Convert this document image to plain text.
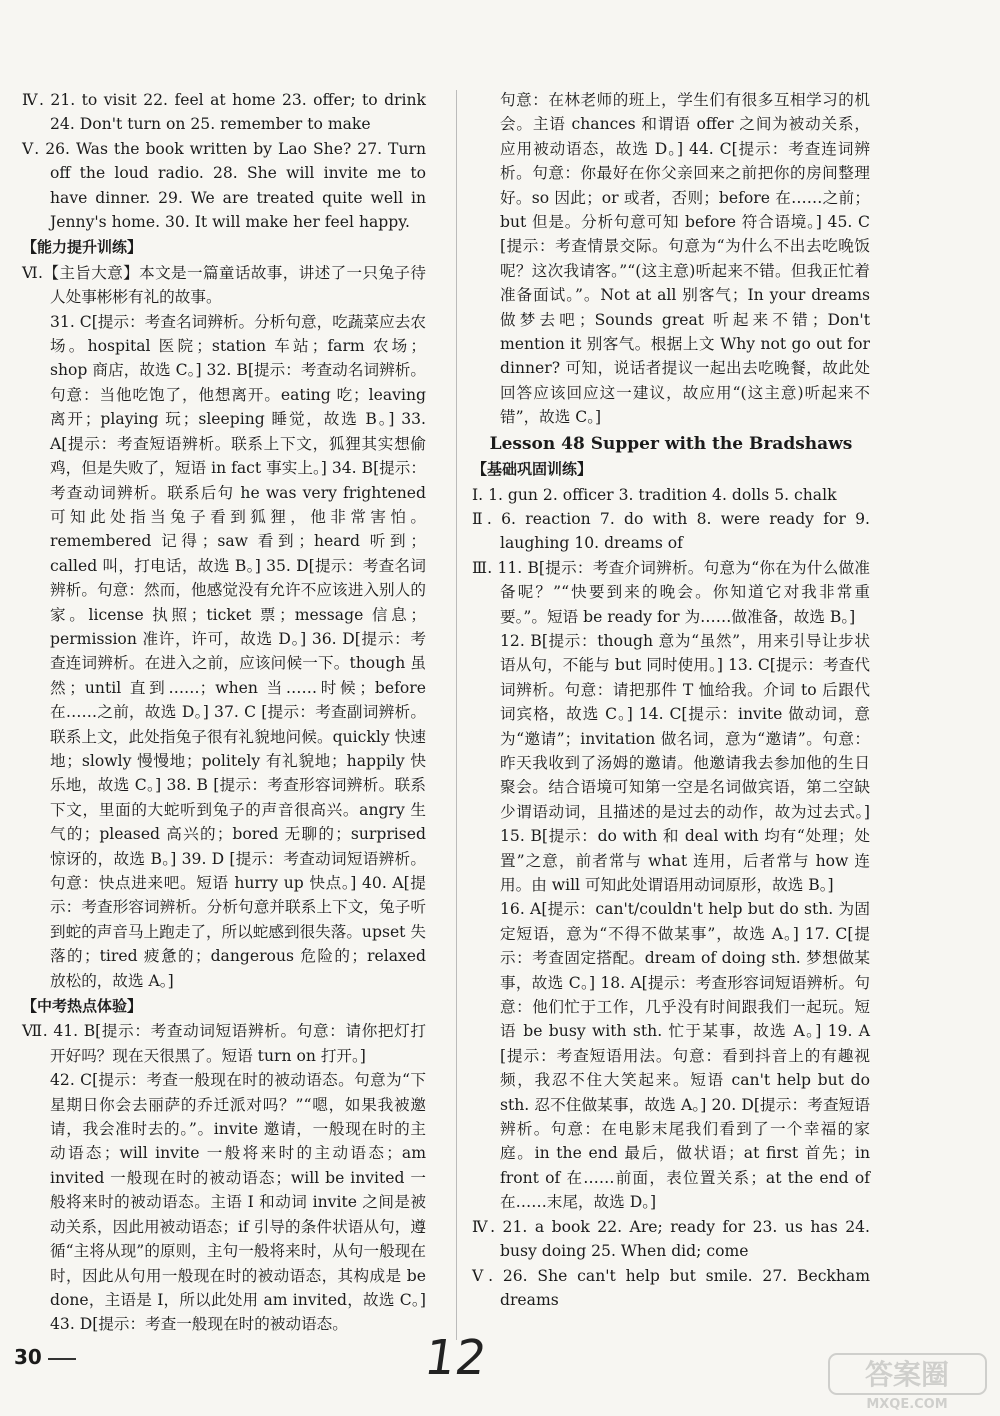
Ⅳ. 21. to visit 22. feel at home 23. offer; to drink 24. Don't turn on 25. remember to make

Ⅴ. 26. Was the book written by Lao She? 27. Turn off the loud radio. 28. She will invite me to have dinner. 29. We are treated quite well in Jenny's home. 30. It will make her feel happy.

【能力提升训练】

Ⅵ.【主旨大意】本文是一篇童话故事，讲述了一只兔子待人处事彬彬有礼的故事。

31. C[提示：考查名词辨析。分析句意，吃蔬菜应去农场。hospital 医院；station 车站；farm 农场；shop 商店，故选 C。] 32. B[提示：考查动名词辨析。句意：当他吃饱了，他想离开。eating 吃；leaving 离开；playing 玩；sleeping 睡觉，故选 B。] 33. A[提示：考查短语辨析。联系上下文，狐狸其实想偷鸡，但是失败了，短语 in fact 事实上。] 34. B[提示：考查动词辨析。联系后句 he was very frightened 可知此处指当兔子看到狐狸，他非常害怕。remembered 记得；saw 看到；heard 听到；called 叫，打电话，故选 B。] 35. D[提示：考查名词辨析。句意：然而，他感觉没有允许不应该进入别人的家。license 执照；ticket 票；message 信息；permission 准许，许可，故选 D。] 36. D[提示：考查连词辨析。在进入之前，应该问候一下。though 虽然；until 直到……；when 当……时候；before 在……之前，故选 D。] 37. C [提示：考查副词辨析。联系上文，此处指兔子很有礼貌地问候。quickly 快速地；slowly 慢慢地；politely 有礼貌地；happily 快乐地，故选 C。] 38. B [提示：考查形容词辨析。联系下文，里面的大蛇听到兔子的声音很高兴。angry 生气的；pleased 高兴的；bored 无聊的；surprised 惊讶的，故选 B。] 39. D [提示：考查动词短语辨析。句意：快点进来吧。短语 hurry up 快点。] 40. A[提示：考查形容词辨析。分析句意并联系上下文，兔子听到蛇的声音马上跑走了，所以蛇感到很失落。upset 失落的；tired 疲惫的；dangerous 危险的；relaxed 放松的，故选 A。]

【中考热点体验】

Ⅶ. 41. B[提示：考查动词短语辨析。句意：请你把灯打开好吗？现在天很黑了。短语 turn on 打开。]

42. C[提示：考查一般现在时的被动语态。句意为“下星期日你会去丽萨的乔迁派对吗？”“嗯，如果我被邀请，我会准时去的。”。invite 邀请，一般现在时的主动语态；will invite 一般将来时的主动语态；am invited 一般现在时的被动语态；will be invited 一般将来时的被动语态。主语 I 和动词 invite 之间是被动关系，因此用被动语态；if 引导的条件状语从句，遵循“主将从现”的原则，主句一般将来时，从句一般现在时，因此从句用一般现在时的被动语态，其构成是 be done，主语是 I，所以此处用 am invited，故选 C。] 43. D[提示：考查一般现在时的被动语态。

句意：在林老师的班上，学生们有很多互相学习的机会。主语 chances 和谓语 offer 之间为被动关系，应用被动语态，故选 D。] 44. C[提示：考查连词辨析。句意：你最好在你父亲回来之前把你的房间整理好。so 因此；or 或者，否则；before 在……之前；but 但是。分析句意可知 before 符合语境。] 45. C [提示：考查情景交际。句意为“为什么不出去吃晚饭呢？这次我请客。”“(这主意)听起来不错。但我正忙着准备面试。”。Not at all 别客气；In your dreams 做梦去吧；Sounds great 听起来不错；Don't mention it 别客气。根据上文 Why not go out for dinner? 可知，说话者提议一起出去吃晚餐，故此处回答应该回应这一建议，故应用“(这主意)听起来不错”，故选 C。]

Lesson 48 Supper with the Bradshaws

【基础巩固训练】

Ⅰ. 1. gun 2. officer 3. tradition 4. dolls 5. chalk

Ⅱ. 6. reaction 7. do with 8. were ready for 9. laughing 10. dreams of

Ⅲ. 11. B[提示：考查介词辨析。句意为“你在为什么做准备呢？”“快要到来的晚会。你知道它对我非常重要。”。短语 be ready for 为……做准备，故选 B。]

12. B[提示：though 意为“虽然”，用来引导让步状语从句，不能与 but 同时使用。] 13. C[提示：考查代词辨析。句意：请把那件 T 恤给我。介词 to 后跟代词宾格，故选 C。] 14. C[提示：invite 做动词，意为“邀请”；invitation 做名词，意为“邀请”。句意：昨天我收到了汤姆的邀请。他邀请我去参加他的生日聚会。结合语境可知第一空是名词做宾语，第二空缺少谓语动词，且描述的是过去的动作，故为过去式。] 15. B[提示：do with 和 deal with 均有“处理；处置”之意，前者常与 what 连用，后者常与 how 连用。由 will 可知此处谓语用动词原形，故选 B。]

16. A[提示：can't/couldn't help but do sth. 为固定短语，意为“不得不做某事”，故选 A。] 17. C[提示：考查固定搭配。dream of doing sth. 梦想做某事，故选 C。] 18. A[提示：考查形容词短语辨析。句意：他们忙于工作，几乎没有时间跟我们一起玩。短语 be busy with sth. 忙于某事，故选 A。] 19. A [提示：考查短语用法。句意：看到抖音上的有趣视频，我忍不住大笑起来。短语 can't help but do sth. 忍不住做某事，故选 A。] 20. D[提示：考查短语辨析。句意：在电影末尾我们看到了一个幸福的家庭。in the end 最后，做状语；at first 首先；in front of 在……前面，表位置关系；at the end of 在……末尾，故选 D。]

Ⅳ. 21. a book 22. Are; ready for 23. us has 24. busy doing 25. When did; come

Ⅴ. 26. She can't help but smile. 27. Beckham dreams

30	12	答案圈
MXQE.COM
